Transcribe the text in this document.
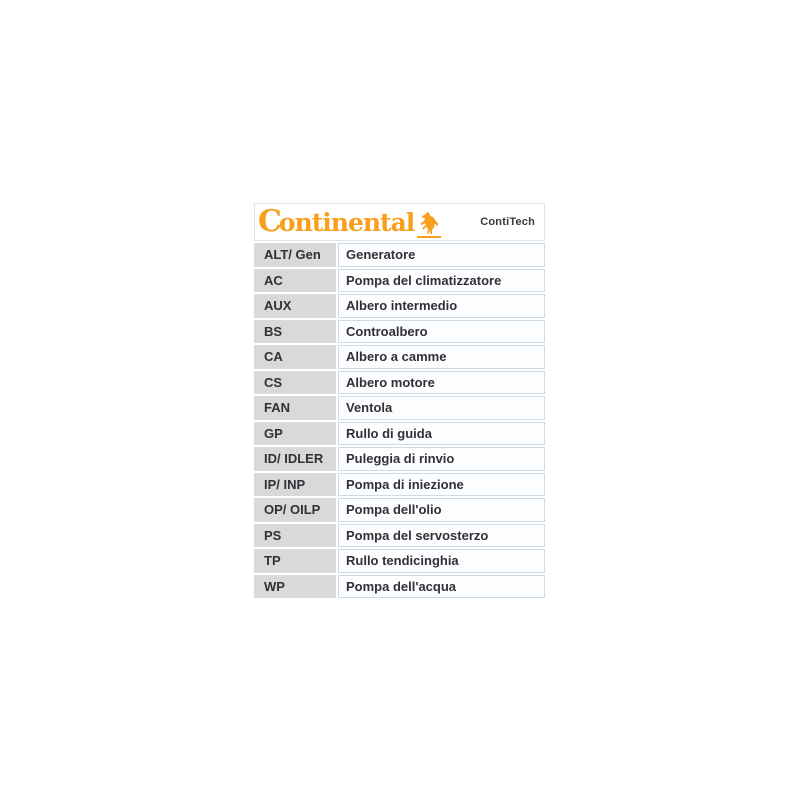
Continental	ContiTech
ALT/ Gen	Generatore
AC	Pompa del climatizzatore
AUX	Albero intermedio
BS	Controalbero
CA	Albero a camme
CS	Albero motore
FAN	Ventola
GP	Rullo di guida
ID/ IDLER	Puleggia di rinvio
IP/ INP	Pompa di iniezione
OP/ OILP	Pompa dell'olio
PS	Pompa del servosterzo
TP	Rullo tendicinghia
WP	Pompa dell'acqua
